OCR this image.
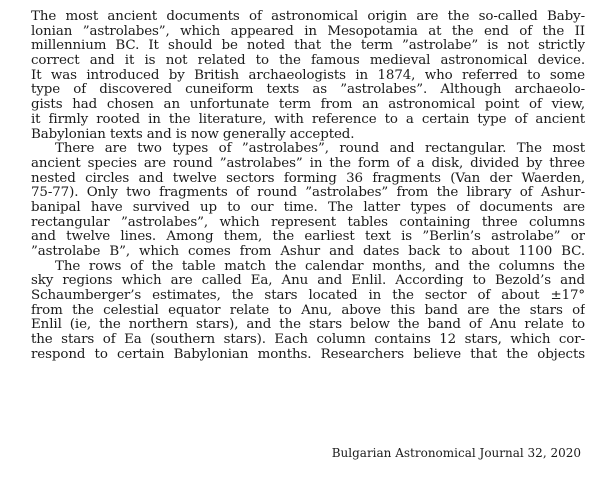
The most ancient documents of astronomical origin are the so-called Baby-
lonian ”astrolabes”, which appeared in Mesopotamia at the end of the II
millennium BC. It should be noted that the term ”astrolabe” is not strictly
correct and it is not related to the famous medieval astronomical device.
It was introduced by British archaeologists in 1874, who referred to some
type of discovered cuneiform texts as ”astrolabes”. Although archaeolo-
gists had chosen an unfortunate term from an astronomical point of view,
it firmly rooted in the literature, with reference to a certain type of ancient
Babylonian texts and is now generally accepted.
There are two types of ”astrolabes”, round and rectangular. The most
ancient species are round ”astrolabes” in the form of a disk, divided by three
nested circles and twelve sectors forming 36 fragments (Van der Waerden,
75-77). Only two fragments of round ”astrolabes” from the library of Ashur-
banipal have survived up to our time. The latter types of documents are
rectangular ”astrolabes”, which represent tables containing three columns
and twelve lines. Among them, the earliest text is ”Berlin’s astrolabe” or
”astrolabe B”, which comes from Ashur and dates back to about 1100 BC.
The rows of the table match the calendar months, and the columns the
sky regions which are called Ea, Anu and Enlil. According to Bezold’s and
Schaumberger’s estimates, the stars located in the sector of about ±17°
from the celestial equator relate to Anu, above this band are the stars of
Enlil (ie, the northern stars), and the stars below the band of Anu relate to
the stars of Ea (southern stars). Each column contains 12 stars, which cor-
respond to certain Babylonian months. Researchers believe that the objects
Bulgarian Astronomical Journal 32, 2020
